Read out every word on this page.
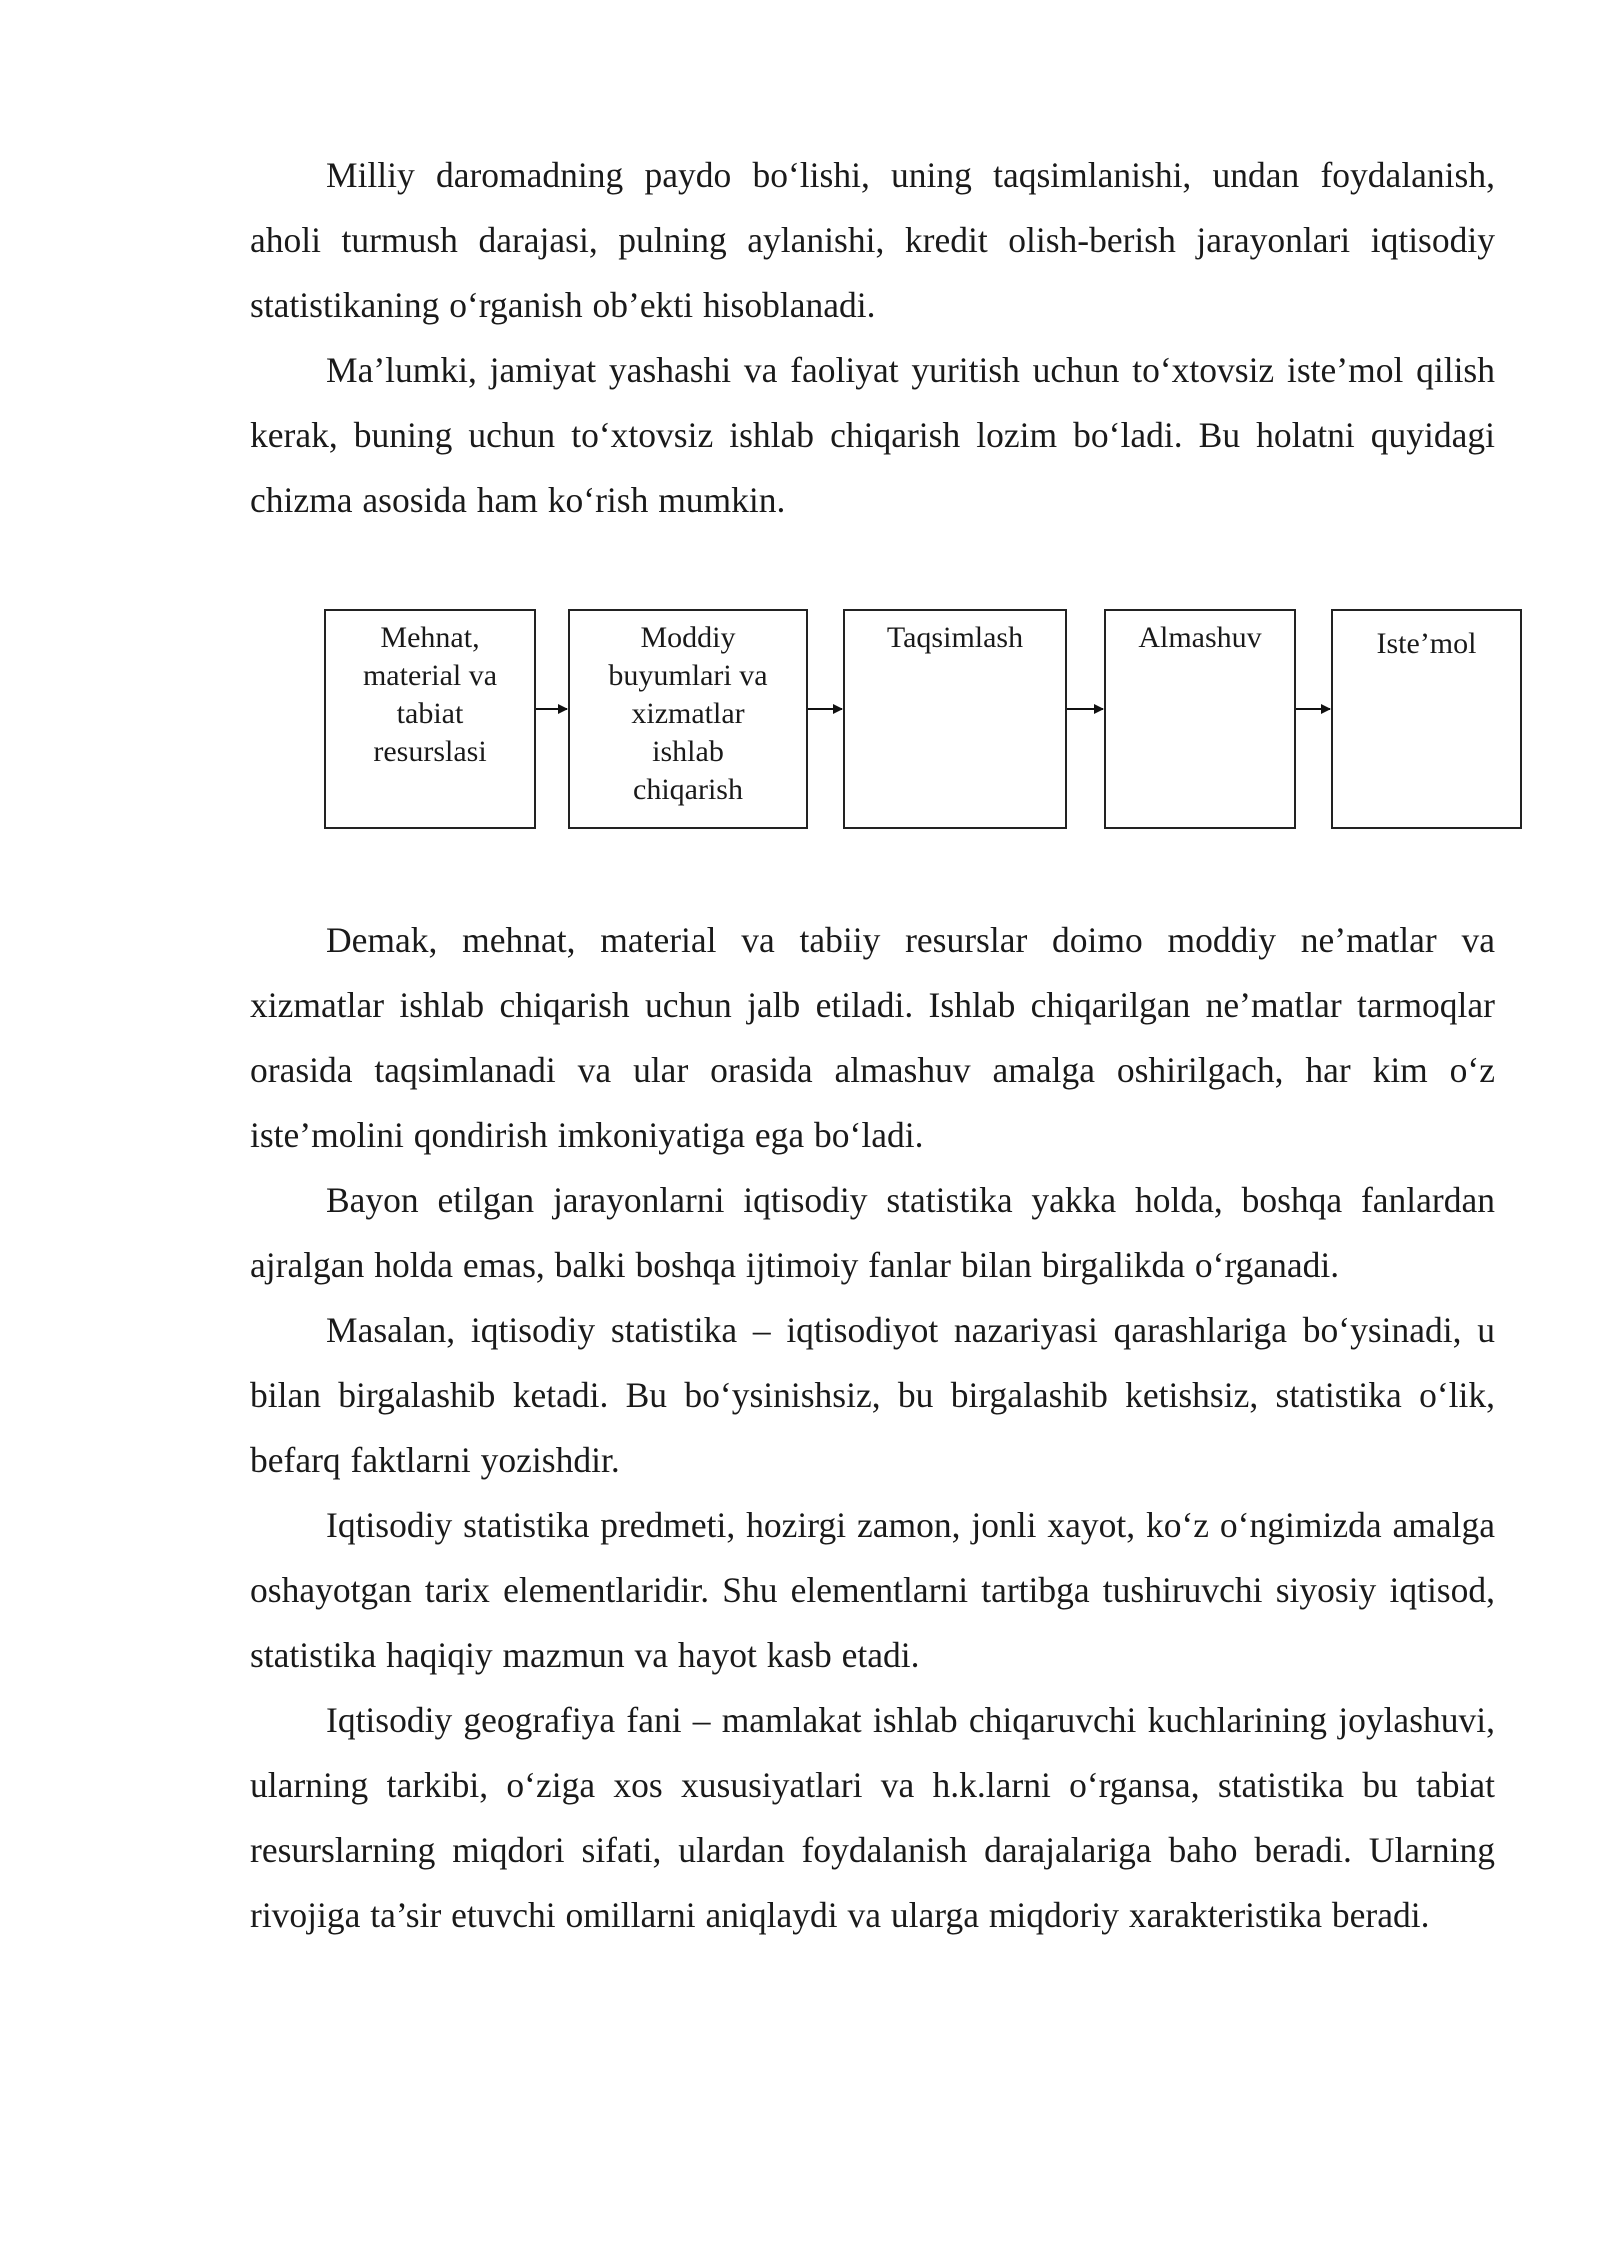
Milliy daromadning paydo bo‘lishi, uning taqsimlanishi, undan foydalanish, aholi turmush darajasi, pulning aylanishi, kredit olish-berish jarayonlari iqtisodiy statistikaning o‘rganish ob’ekti hisoblanadi.

Ma’lumki, jamiyat yashashi va faoliyat yuritish uchun to‘xtovsiz iste’mol qilish kerak, buning uchun to‘xtovsiz ishlab chiqarish lozim bo‘ladi. Bu holatni quyidagi chizma asosida ham ko‘rish mumkin.

Mehnat, material va tabiat resurslasi
Moddiy buyumlari va xizmatlar ishlab chiqarish
Taqsimlash	Almashuv	Iste’mol

Demak, mehnat, material va tabiiy resurslar doimo moddiy ne’matlar va xizmatlar ishlab chiqarish uchun jalb etiladi. Ishlab chiqarilgan ne’matlar tarmoqlar orasida taqsimlanadi va ular orasida almashuv amalga oshirilgach, har kim o‘z iste’molini qondirish imkoniyatiga ega bo‘ladi.

Bayon etilgan jarayonlarni iqtisodiy statistika yakka holda, boshqa fanlardan ajralgan holda emas, balki boshqa ijtimoiy fanlar bilan birgalikda o‘rganadi.

Masalan, iqtisodiy statistika – iqtisodiyot nazariyasi qarashlariga bo‘ysinadi, u bilan birgalashib ketadi. Bu bo‘ysinishsiz, bu birgalashib ketishsiz, statistika o‘lik, befarq faktlarni yozishdir.

Iqtisodiy statistika predmeti, hozirgi zamon, jonli xayot, ko‘z o‘ngimizda amalga oshayotgan tarix elementlaridir. Shu elementlarni tartibga tushiruvchi siyosiy iqtisod, statistika haqiqiy mazmun va hayot kasb etadi.

Iqtisodiy geografiya fani – mamlakat ishlab chiqaruvchi kuchlarining joylashuvi, ularning tarkibi, o‘ziga xos xususiyatlari va h.k.larni o‘rgansa, statistika bu tabiat resurslarning miqdori sifati, ulardan foydalanish darajalariga baho beradi. Ularning rivojiga ta’sir etuvchi omillarni aniqlaydi va ularga miqdoriy xarakteristika beradi.
